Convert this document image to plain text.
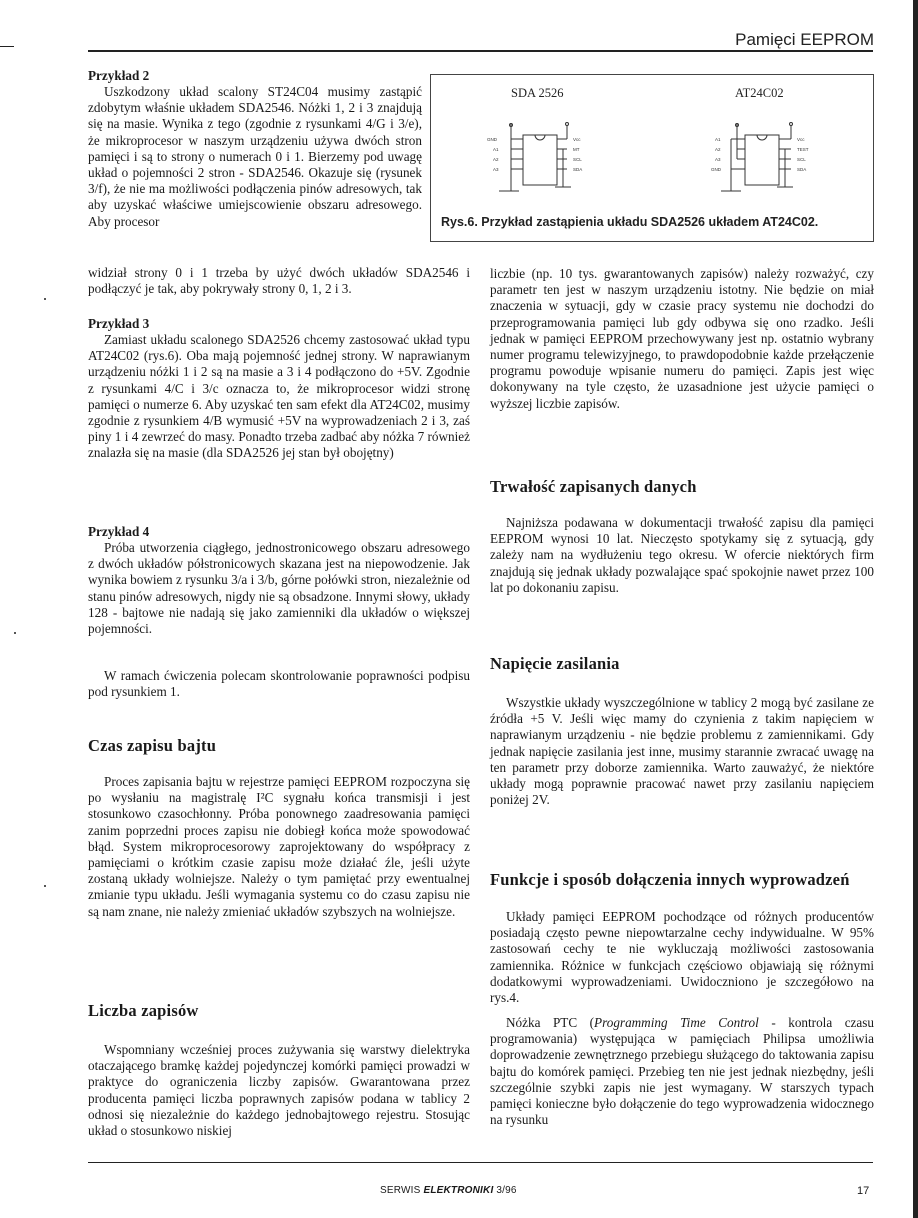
Pamięci EEPROM
SDA 2526	AT24C02
GND
A1
A2
A3
Vcc
MT
SCL
SDA
A1
A2
A3
GND
Vcc
TEST
SCL
SDA

Rys.6. Przykład zastąpienia układu SDA2526 układem AT24C02.

Przykład 2

Uszkodzony układ scalony ST24C04 musimy zastąpić zdobytym właśnie układem SDA2546. Nóżki 1, 2 i 3 znajdują się na masie. Wynika z tego (zgodnie z rysunkami 4/G i 3/e), że mikroprocesor w naszym urządzeniu używa dwóch stron pamięci i są to strony o numerach 0 i 1. Bierzemy pod uwagę układ o pojemności 2 stron - SDA2546. Okazuje się (rysunek 3/f), że nie ma możliwości podłączenia pinów adresowych, tak aby uzyskać właściwe umiejscowienie obszaru adresowego. Aby procesor

widział strony 0 i 1 trzeba by użyć dwóch układów SDA2546 i podłączyć je tak, aby pokrywały strony 0, 1, 2 i 3.

Przykład 3

Zamiast układu scalonego SDA2526 chcemy zastosować układ typu AT24C02 (rys.6). Oba mają pojemność jednej strony. W naprawianym urządzeniu nóżki 1 i 2 są na masie a 3 i 4 podłączono do +5V. Zgodnie z rysunkami 4/C i 3/c oznacza to, że mikroprocesor widzi stronę pamięci o numerze 6. Aby uzyskać ten sam efekt dla AT24C02, musimy zgodnie z rysunkiem 4/B wymusić +5V na wyprowadzeniach 2 i 3, zaś piny 1 i 4 zewrzeć do masy. Ponadto trzeba zadbać aby nóżka 7 również znalazła się na masie (dla SDA2526 jej stan był obojętny)

Przykład 4

Próba utworzenia ciągłego, jednostronicowego obszaru adresowego z dwóch układów półstronicowych skazana jest na niepowodzenie. Jak wynika bowiem z rysunku 3/a i 3/b, górne połówki stron, niezależnie od stanu pinów adresowych, nigdy nie są obsadzone. Innymi słowy, układy 128 - bajtowe nie nadają się jako zamienniki dla układów o większej pojemności.

W ramach ćwiczenia polecam skontrolowanie poprawności podpisu pod rysunkiem 1.

Czas zapisu bajtu

Proces zapisania bajtu w rejestrze pamięci EEPROM rozpoczyna się po wysłaniu na magistralę I²C sygnału końca transmisji i jest stosunkowo czasochłonny. Próba ponownego zaadresowania pamięci zanim poprzedni proces zapisu nie dobiegł końca może spowodować błąd. System mikroprocesorowy zaprojektowany do współpracy z pamięciami o krótkim czasie zapisu może działać źle, jeśli użyte zostaną układy wolniejsze. Należy o tym pamiętać przy ewentualnej zmianie typu układu. Jeśli wymagania systemu co do czasu zapisu nie są nam znane, nie należy zmieniać układów szybszych na wolniejsze.

Liczba zapisów

Wspomniany wcześniej proces zużywania się warstwy dielektryka otaczającego bramkę każdej pojedynczej komórki pamięci prowadzi w praktyce do ograniczenia liczby zapisów. Gwarantowana przez producenta pamięci liczba poprawnych zapisów podana w tablicy 2 odnosi się niezależnie do każdego jednobajtowego rejestru. Stosując układ o stosunkowo niskiej

liczbie (np. 10 tys. gwarantowanych zapisów) należy rozważyć, czy parametr ten jest w naszym urządzeniu istotny. Nie będzie on miał znaczenia w sytuacji, gdy w czasie pracy systemu nie dochodzi do przeprogramowania pamięci lub gdy odbywa się ono rzadko. Jeśli jednak w pamięci EEPROM przechowywany jest np. ostatnio wybrany numer programu telewizyjnego, to prawdopodobnie każde przełączenie programu powoduje wpisanie numeru do pamięci. Zapis jest więc dokonywany na tyle często, że uzasadnione jest użycie pamięci o wyższej liczbie zapisów.

Trwałość zapisanych danych

Najniższa podawana w dokumentacji trwałość zapisu dla pamięci EEPROM wynosi 10 lat. Nieczęsto spotykamy się z sytuacją, gdy zależy nam na wydłużeniu tego okresu. W ofercie niektórych firm znajdują się jednak układy pozwalające spać spokojnie nawet przez 100 lat po dokonaniu zapisu.

Napięcie zasilania

Wszystkie układy wyszczególnione w tablicy 2 mogą być zasilane ze źródła +5 V. Jeśli więc mamy do czynienia z takim napięciem w naprawianym urządzeniu - nie będzie problemu z zamiennikami. Gdy jednak napięcie zasilania jest inne, musimy starannie zwracać uwagę na ten parametr przy doborze zamiennika. Warto zauważyć, że niektóre układy mogą poprawnie pracować nawet przy zasilaniu napięciem poniżej 2V.

Funkcje i sposób dołączenia innych wyprowadzeń

Układy pamięci EEPROM pochodzące od różnych producentów posiadają często pewne niepowtarzalne cechy indywidualne. W 95% zastosowań cechy te nie wykluczają możliwości zastosowania zamiennika. Różnice w funkcjach częściowo objawiają się różnymi dodatkowymi wyprowadzeniami. Uwidoczniono je szczegółowo na rys.4.

Nóżka PTC (Programming Time Control - kontrola czasu programowania) występująca w pamięciach Philipsa umożliwia doprowadzenie zewnętrznego przebiegu służącego do taktowania zapisu bajtu do komórek pamięci. Przebieg ten nie jest jednak niezbędny, jeśli szczególnie szybki zapis nie jest wymagany. W starszych typach pamięci konieczne było dołączenie do tego wyprowadzenia widocznego na rysunku

SERWIS ELEKTRONIKI 3/96	17
